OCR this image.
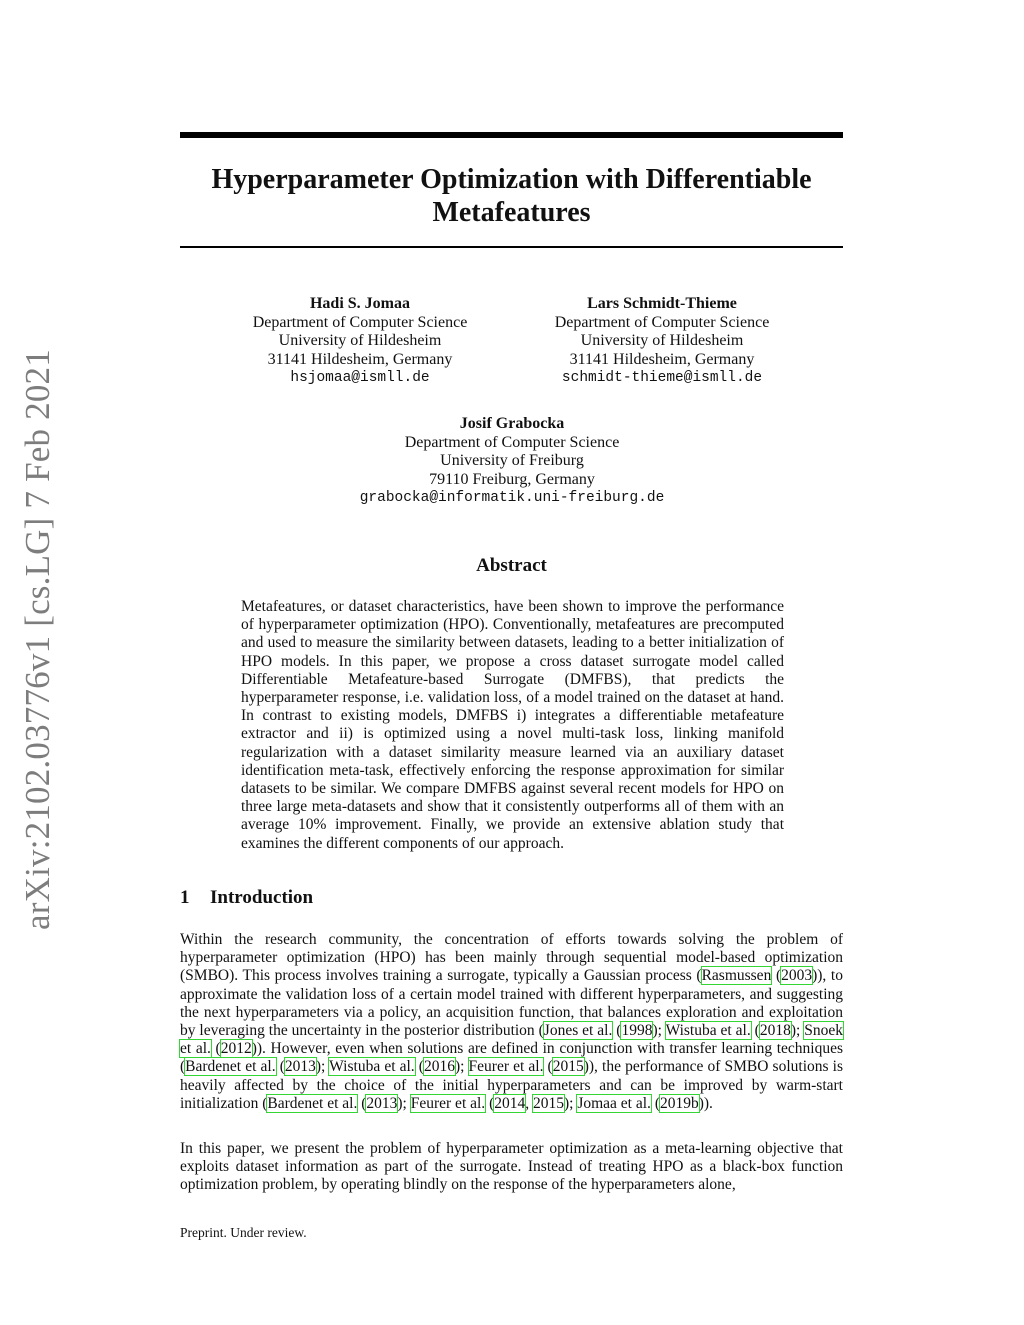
arXiv:2102.03776v1 [cs.LG] 7 Feb 2021
Hyperparameter Optimization with Differentiable
Metafeatures
Hadi S. Jomaa
Department of Computer Science
University of Hildesheim
31141 Hildesheim, Germany
hsjomaa@ismll.de
Lars Schmidt-Thieme
Department of Computer Science
University of Hildesheim
31141 Hildesheim, Germany
schmidt-thieme@ismll.de
Josif Grabocka
Department of Computer Science
University of Freiburg
79110 Freiburg, Germany
grabocka@informatik.uni-freiburg.de
Abstract
Metafeatures, or dataset characteristics, have been shown to improve the performance of hyperparameter optimization (HPO). Conventionally, metafeatures are precomputed and used to measure the similarity between datasets, leading to a better initialization of HPO models. In this paper, we propose a cross dataset surrogate model called Differentiable Metafeature-based Surrogate (DMFBS), that predicts the hyperparameter response, i.e. validation loss, of a model trained on the dataset at hand. In contrast to existing models, DMFBS i) integrates a differentiable metafeature extractor and ii) is optimized using a novel multi-task loss, linking manifold regularization with a dataset similarity measure learned via an auxiliary dataset identification meta-task, effectively enforcing the response approximation for similar datasets to be similar. We compare DMFBS against several recent models for HPO on three large meta-datasets and show that it consistently outperforms all of them with an average 10% improvement. Finally, we provide an extensive ablation study that examines the different components of our approach.
1 Introduction
Within the research community, the concentration of efforts towards solving the problem of hyperparameter optimization (HPO) has been mainly through sequential model-based optimization (SMBO). This process involves training a surrogate, typically a Gaussian process (Rasmussen (2003)), to approximate the validation loss of a certain model trained with different hyperparameters, and suggesting the next hyperparameters via a policy, an acquisition function, that balances exploration and exploitation by leveraging the uncertainty in the posterior distribution (Jones et al. (1998); Wistuba et al. (2018); Snoek et al. (2012)). However, even when solutions are defined in conjunction with transfer learning techniques (Bardenet et al. (2013); Wistuba et al. (2016); Feurer et al. (2015)), the performance of SMBO solutions is heavily affected by the choice of the initial hyperparameters and can be improved by warm-start initialization (Bardenet et al. (2013); Feurer et al. (2014, 2015); Jomaa et al. (2019b)).
In this paper, we present the problem of hyperparameter optimization as a meta-learning objective that exploits dataset information as part of the surrogate. Instead of treating HPO as a black-box function optimization problem, by operating blindly on the response of the hyperparameters alone,
Preprint. Under review.
